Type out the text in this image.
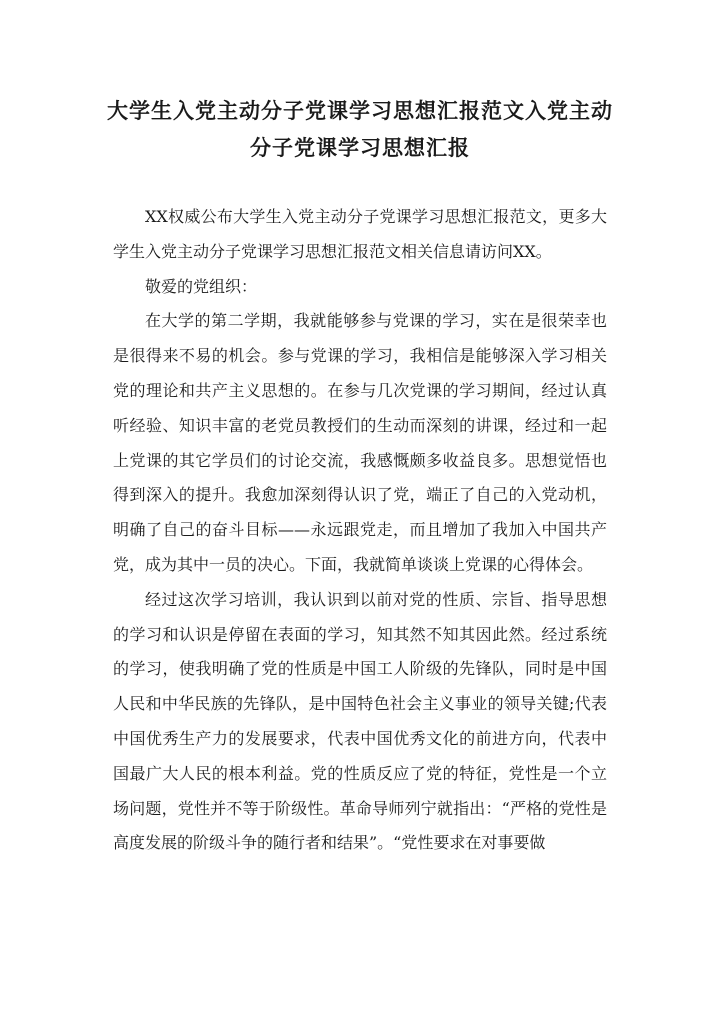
大学生入党主动分子党课学习思想汇报范文入党主动分子党课学习思想汇报

XX权威公布大学生入党主动分子党课学习思想汇报范文，更多大学生入党主动分子党课学习思想汇报范文相关信息请访问XX。

敬爱的党组织：

在大学的第二学期，我就能够参与党课的学习，实在是很荣幸也是很得来不易的机会。参与党课的学习，我相信是能够深入学习相关党的理论和共产主义思想的。在参与几次党课的学习期间，经过认真听经验、知识丰富的老党员教授们的生动而深刻的讲课，经过和一起上党课的其它学员们的讨论交流，我感慨颇多收益良多。思想觉悟也得到深入的提升。我愈加深刻得认识了党，端正了自己的入党动机，明确了自己的奋斗目标——永远跟党走，而且增加了我加入中国共产党，成为其中一员的决心。下面，我就简单谈谈上党课的心得体会。

经过这次学习培训，我认识到以前对党的性质、宗旨、指导思想的学习和认识是停留在表面的学习，知其然不知其因此然。经过系统的学习，使我明确了党的性质是中国工人阶级的先锋队，同时是中国人民和中华民族的先锋队，是中国特色社会主义事业的领导关键;代表中国优秀生产力的发展要求，代表中国优秀文化的前进方向，代表中国最广大人民的根本利益。党的性质反应了党的特征，党性是一个立场问题，党性并不等于阶级性。革命导师列宁就指出：“严格的党性是高度发展的阶级斗争的随行者和结果”。“党性要求在对事要做
